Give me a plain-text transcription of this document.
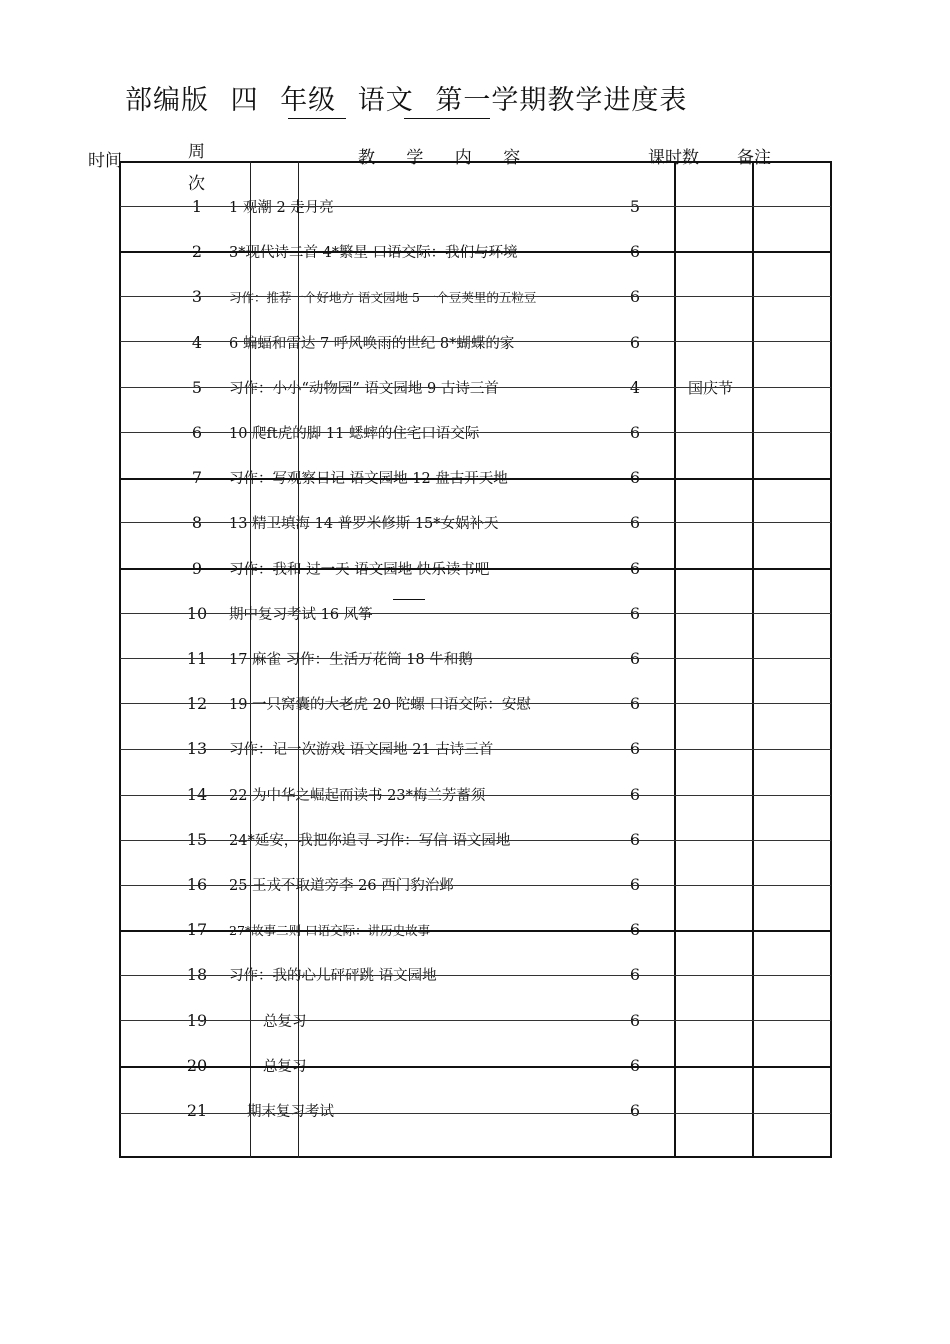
部编版 四 年级 语文 第一学期教学进度表
时间	周
次
教 学 内 容	课时数 备注
1	1 观潮 2 走月亮	5
2	3*现代诗二首 4*繁星 口语交际：我们与环境	6
3	习作：推荐一个好地方 语文园地 5 一个豆荚里的五粒豆	6
4	6 蝙蝠和雷达 7 呼风唤雨的世纪 8*蝴蝶的家	6
5	习作：小小“动物园” 语文园地 9 古诗三首	4	国庆节
6	10 爬ft虎的脚 11 蟋蟀的住宅口语交际	6
7	习作：写观察日记 语文园地 12 盘古开天地	6
8	13 精卫填海 14 普罗米修斯 15*女娲补天	6
9	习作：我和 过一天 语文园地 快乐读书吧	6
10	期中复习考试 16 风筝	6
11	17 麻雀 习作：生活万花筒 18 牛和鹅	6
12	19 一只窝囊的大老虎 20 陀螺 口语交际：安慰	6
13	习作：记一次游戏 语文园地 21 古诗三首	6
14	22 为中华之崛起而读书 23*梅兰芳蓄须	6
15	24*延安，我把你追寻 习作：写信 语文园地	6
16	25 王戎不取道旁李 26 西门豹治邺	6
17	27*故事二则 口语交际：讲历史故事	6
18	习作：我的心儿砰砰跳 语文园地	6
19	总复习	6
20	总复习	6
21	期末复习考试	6
